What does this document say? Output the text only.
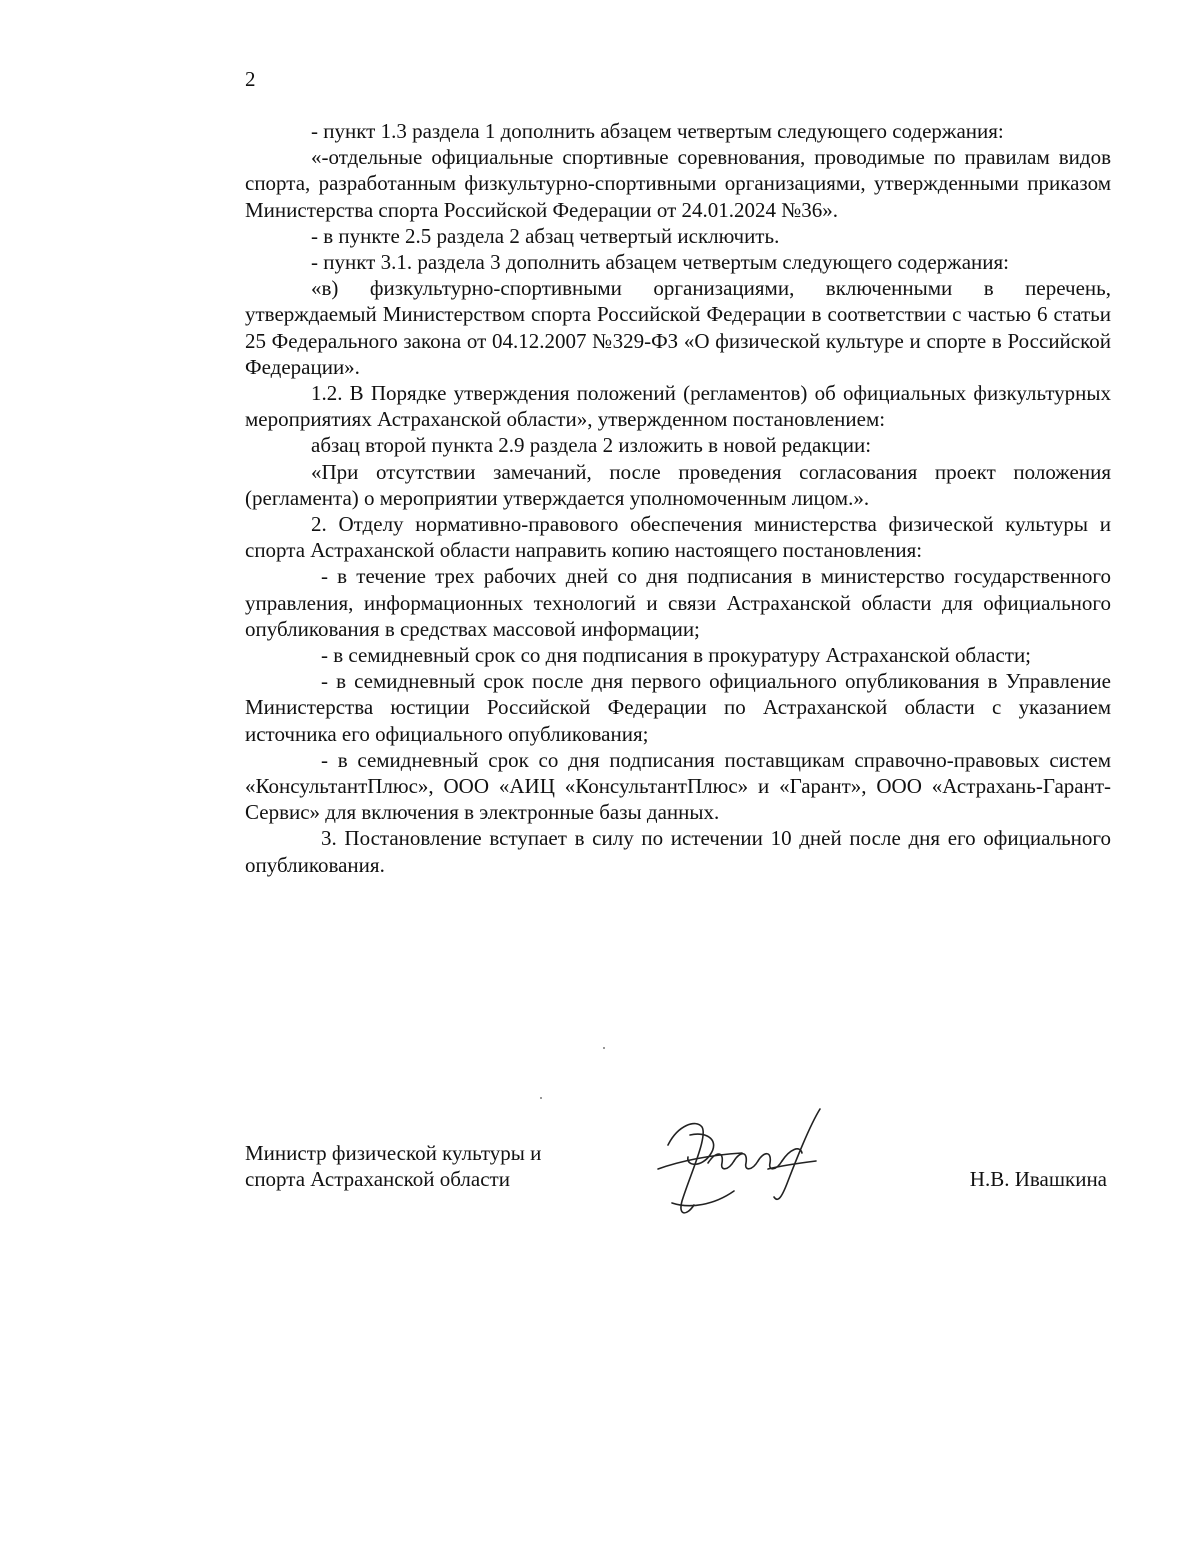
2

- пункт 1.3 раздела 1 дополнить абзацем четвертым следующего содержания:

«-отдельные официальные спортивные соревнования, проводимые по правилам видов спорта, разработанным физкультурно-спортивными организациями, утвержденными приказом Министерства спорта Российской Федерации от 24.01.2024 №36».

- в пункте 2.5 раздела 2 абзац четвертый исключить.

- пункт 3.1. раздела 3 дополнить абзацем четвертым следующего содержания:

«в) физкультурно-спортивными организациями, включенными в перечень, утверждаемый Министерством спорта Российской Федерации в соответствии с частью 6 статьи 25 Федерального закона от 04.12.2007 №329-ФЗ «О физической культуре и спорте в Российской Федерации».

1.2. В Порядке утверждения положений (регламентов) об официальных физкультурных мероприятиях Астраханской области», утвержденном постановлением:

абзац второй пункта 2.9 раздела 2 изложить в новой редакции:

«При отсутствии замечаний, после проведения согласования проект положения (регламента) о мероприятии утверждается уполномоченным лицом.».

2. Отделу нормативно-правового обеспечения министерства физической культуры и спорта Астраханской области направить копию настоящего постановления:

- в течение трех рабочих дней со дня подписания в министерство государственного управления, информационных технологий и связи Астраханской области для официального опубликования в средствах массовой информации;

- в семидневный срок со дня подписания в прокуратуру Астраханской области;

- в семидневный срок после дня первого официального опубликования в Управление Министерства юстиции Российской Федерации по Астраханской области с указанием источника его официального опубликования;

- в семидневный срок со дня подписания поставщикам справочно-правовых систем «КонсультантПлюс», ООО «АИЦ «КонсультантПлюс» и «Гарант», ООО «Астрахань-Гарант-Сервис» для включения в электронные базы данных.

3. Постановление вступает в силу по истечении 10 дней после дня его официального опубликования.

Министр физической культуры и
спорта Астраханской области	Н.В. Ивашкина
